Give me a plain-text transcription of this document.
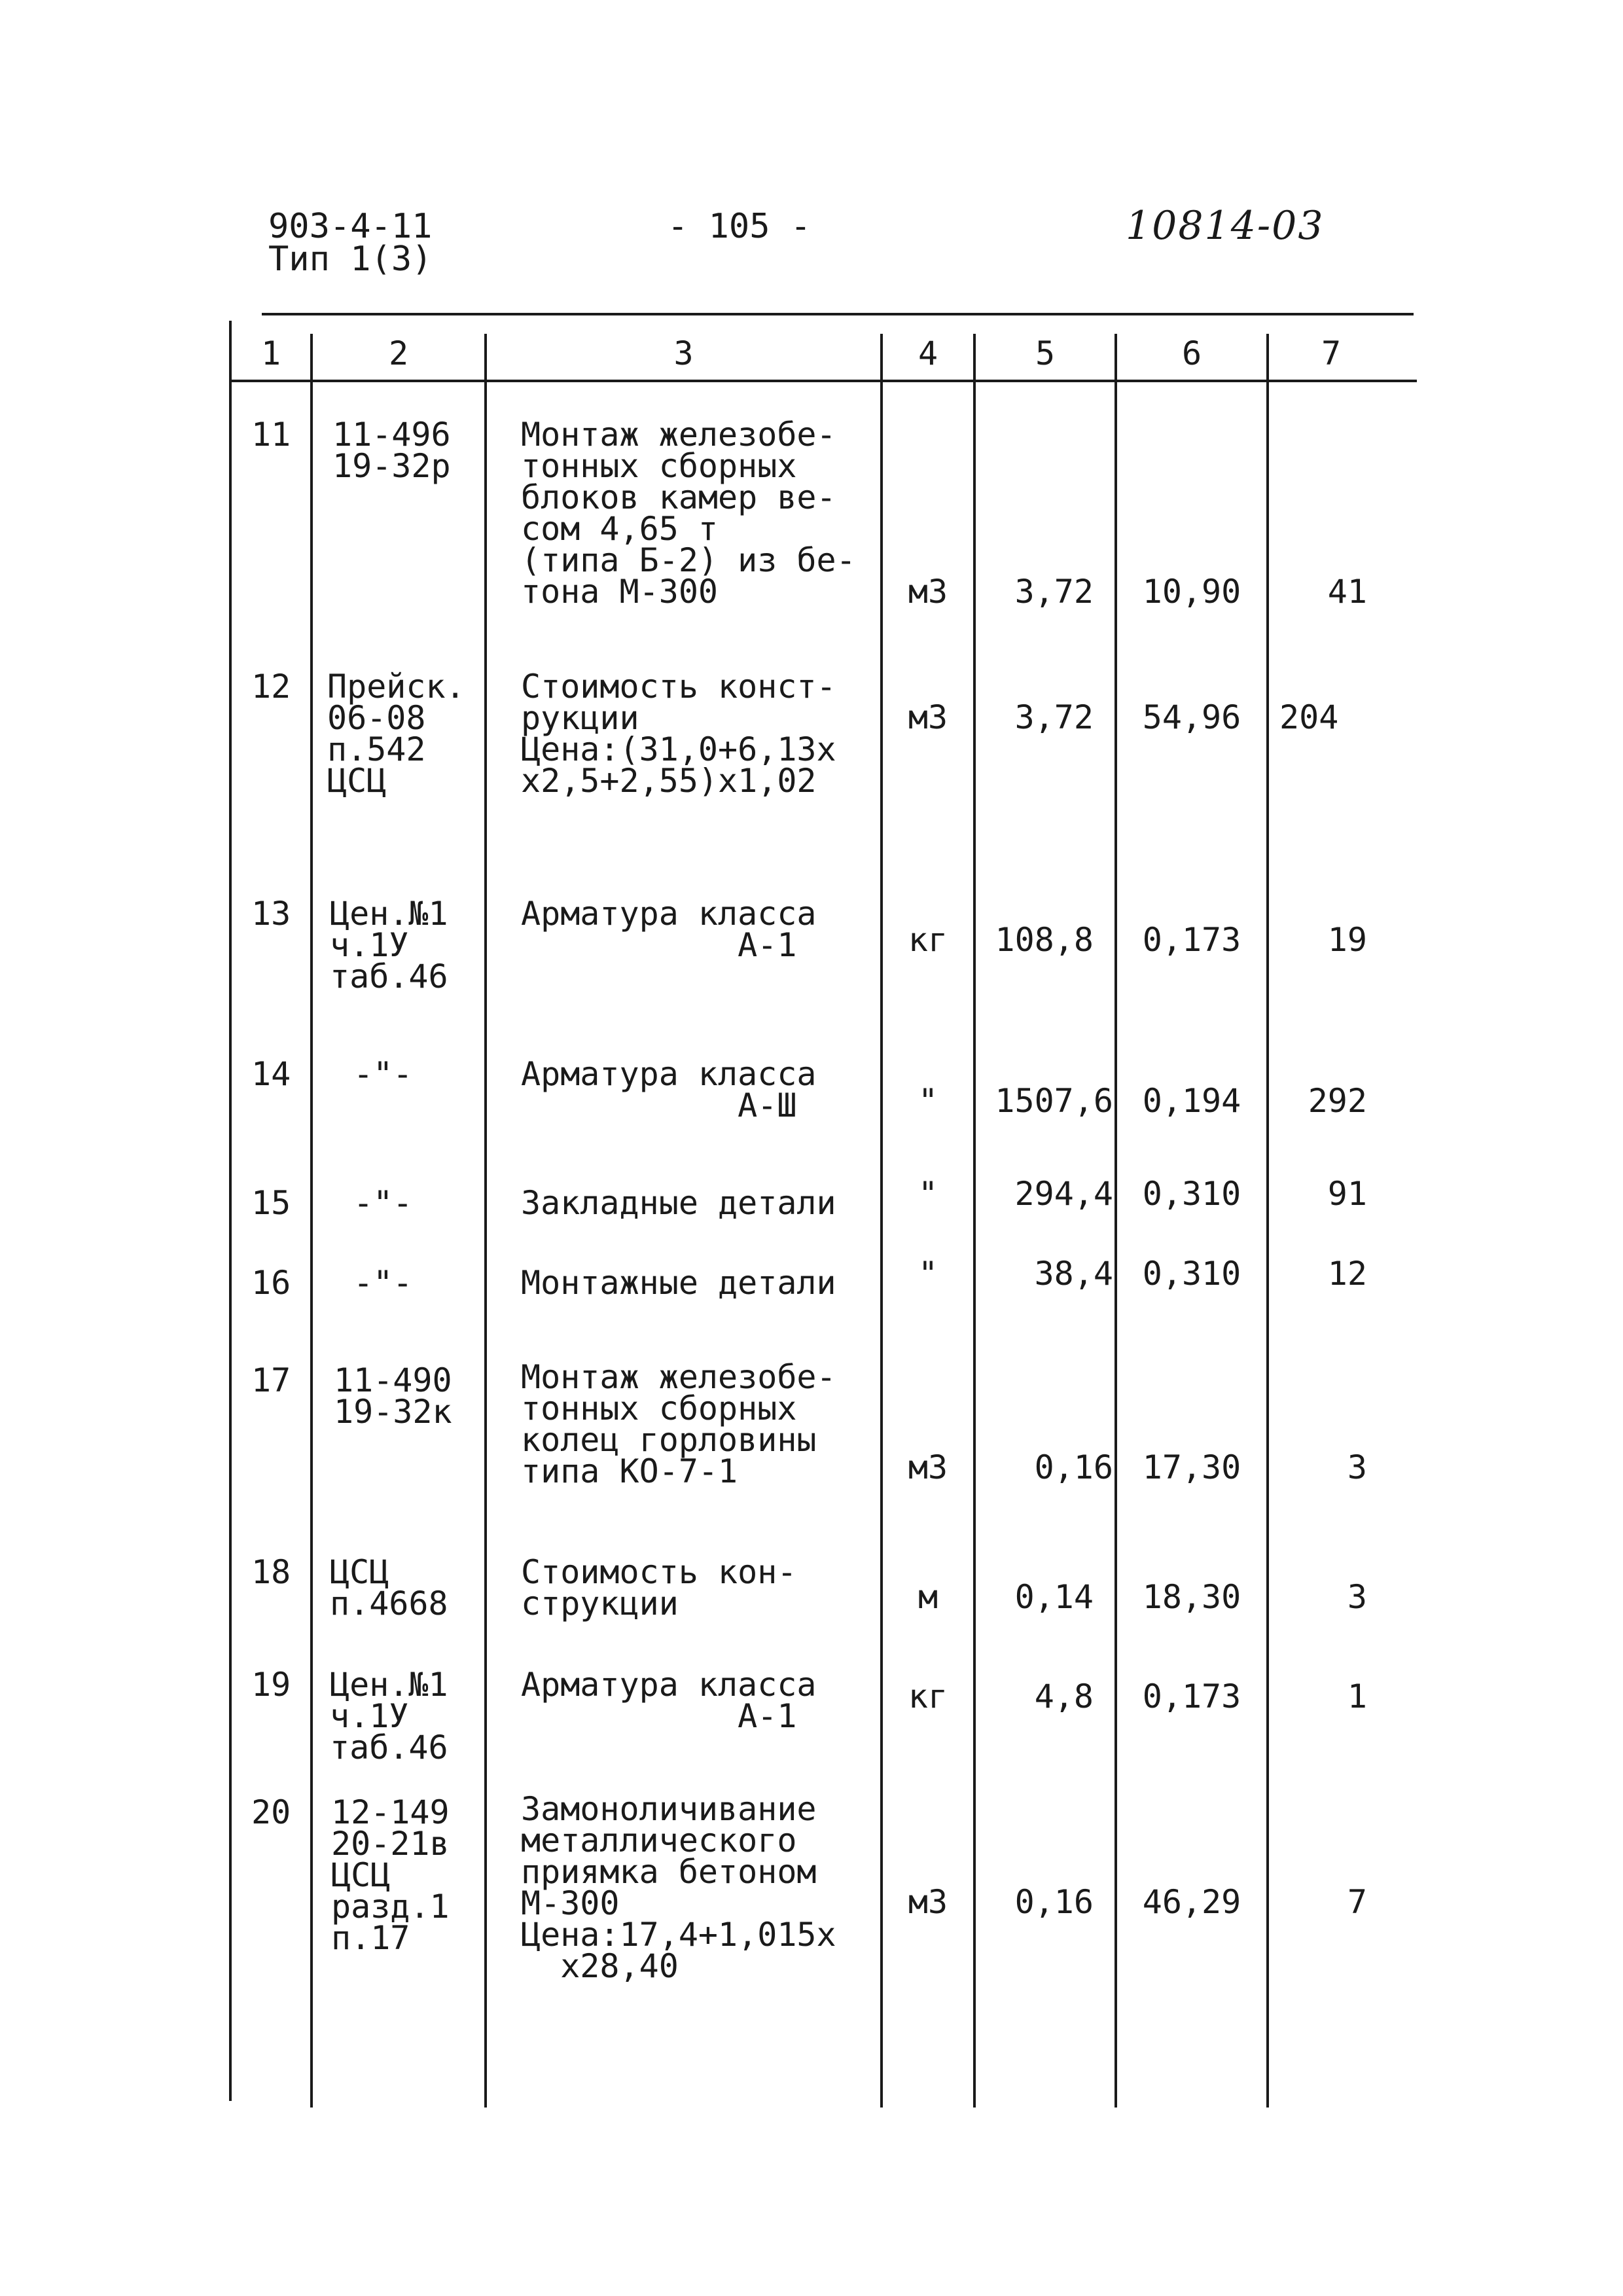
903-4-11
Тип 1(3)
- 105 -	10814-03
1	2	3	4	5	6	7
11 11-496
19-32р
Монтаж железобе-
тонных сборных
блоков камер ве-
сом 4,65 т
(типа Б-2) из бе-
тона М-300	м3	3,72	10,90	41
12 Прейск.
06-08
п.542
ЦСЦ
Стоимость конст-
рукции
Цена:(31,0+6,13х
х2,5+2,55)х1,02
м3	3,72	54,96	204
13 Цен.№1
ч.1У
таб.46
Арматура класса
А-1	кг	108,8	0,173	19
14 -"-	Арматура класса
А-Ш	"	1507,6 0,194	292
15 -"-	Закладные детали	"	294,4 0,310	91
16 -"-	Монтажные детали	"	38,4 0,310	12
17 11-490
19-32к
Монтаж железобе-
тонных сборных
колец горловины
типа КО-7-1	м3	0,16 17,30	3
18 ЦСЦ
п.4668
Стоимость кон-
струкции	м	0,14	18,30	3
19 Цен.№1
ч.1У
таб.46
Арматура класса
А-1
кг	4,8	0,173	1
20 12-149
20-21в
ЦСЦ
разд.1
п.17
Замоноличивание
металлического
приямка бетоном
М-300
Цена:17,4+1,015х
х28,40
м3	0,16	46,29	7
